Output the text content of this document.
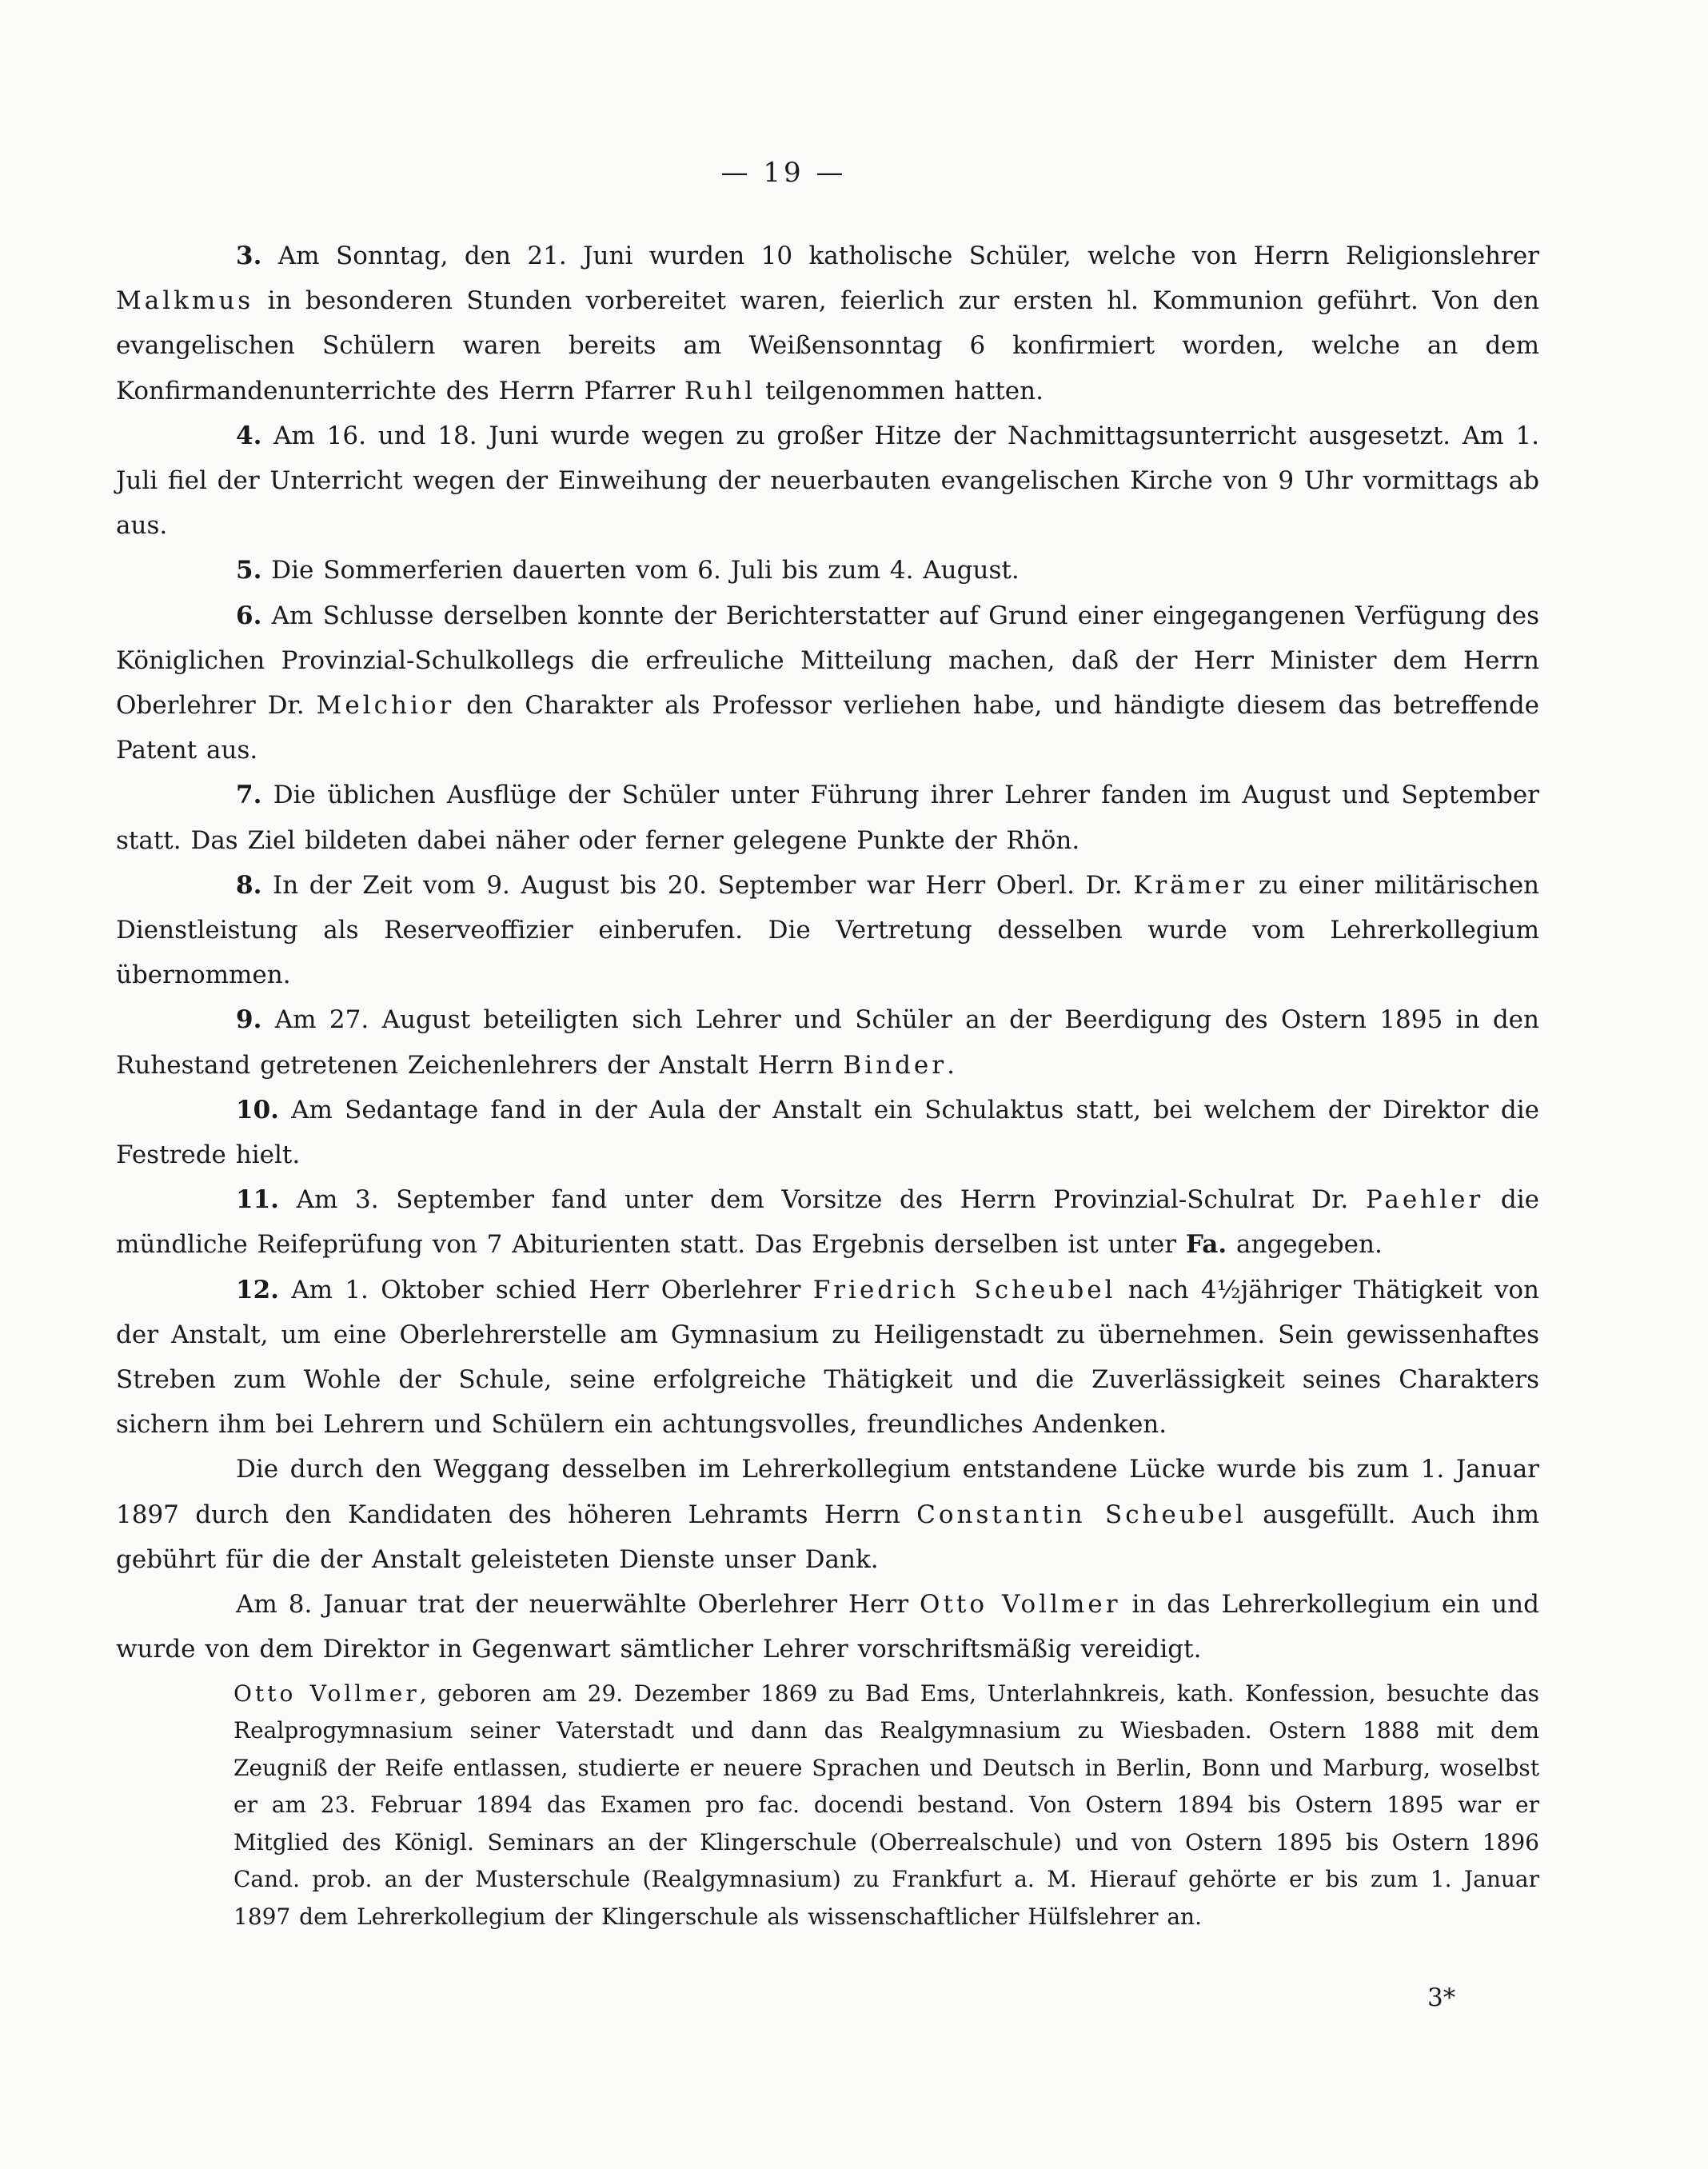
— 19 —

3. Am Sonntag, den 21. Juni wurden 10 katholische Schüler, welche von Herrn Religionslehrer Malkmus in besonderen Stunden vorbereitet waren, feierlich zur ersten hl. Kommunion geführt. Von den evangelischen Schülern waren bereits am Weißensonntag 6 konfirmiert worden, welche an dem Konfirmandenunterrichte des Herrn Pfarrer Ruhl teilgenommen hatten.

4. Am 16. und 18. Juni wurde wegen zu großer Hitze der Nachmittagsunterricht ausgesetzt. Am 1. Juli fiel der Unterricht wegen der Einweihung der neuerbauten evangelischen Kirche von 9 Uhr vormittags ab aus.

5. Die Sommerferien dauerten vom 6. Juli bis zum 4. August.

6. Am Schlusse derselben konnte der Berichterstatter auf Grund einer eingegangenen Verfügung des Königlichen Provinzial-Schulkollegs die erfreuliche Mitteilung machen, daß der Herr Minister dem Herrn Oberlehrer Dr. Melchior den Charakter als Professor verliehen habe, und händigte diesem das betreffende Patent aus.

7. Die üblichen Ausflüge der Schüler unter Führung ihrer Lehrer fanden im August und September statt. Das Ziel bildeten dabei näher oder ferner gelegene Punkte der Rhön.

8. In der Zeit vom 9. August bis 20. September war Herr Oberl. Dr. Krämer zu einer militärischen Dienstleistung als Reserveoffizier einberufen. Die Vertretung desselben wurde vom Lehrerkollegium übernommen.

9. Am 27. August beteiligten sich Lehrer und Schüler an der Beerdigung des Ostern 1895 in den Ruhestand getretenen Zeichenlehrers der Anstalt Herrn Binder.

10. Am Sedantage fand in der Aula der Anstalt ein Schulaktus statt, bei welchem der Direktor die Festrede hielt.

11. Am 3. September fand unter dem Vorsitze des Herrn Provinzial-Schulrat Dr. Paehler die mündliche Reifeprüfung von 7 Abiturienten statt. Das Ergebnis derselben ist unter Fa. angegeben.

12. Am 1. Oktober schied Herr Oberlehrer Friedrich Scheubel nach 4½jähriger Thätigkeit von der Anstalt, um eine Oberlehrerstelle am Gymnasium zu Heiligenstadt zu übernehmen. Sein gewissenhaftes Streben zum Wohle der Schule, seine erfolgreiche Thätigkeit und die Zuverlässigkeit seines Charakters sichern ihm bei Lehrern und Schülern ein achtungsvolles, freundliches Andenken.

Die durch den Weggang desselben im Lehrerkollegium entstandene Lücke wurde bis zum 1. Januar 1897 durch den Kandidaten des höheren Lehramts Herrn Constantin Scheubel ausgefüllt. Auch ihm gebührt für die der Anstalt geleisteten Dienste unser Dank.

Am 8. Januar trat der neuerwählte Oberlehrer Herr Otto Vollmer in das Lehrerkollegium ein und wurde von dem Direktor in Gegenwart sämtlicher Lehrer vorschriftsmäßig vereidigt.

Otto Vollmer, geboren am 29. Dezember 1869 zu Bad Ems, Unterlahnkreis, kath. Konfession, besuchte das Realprogymnasium seiner Vaterstadt und dann das Realgymnasium zu Wiesbaden. Ostern 1888 mit dem Zeugniß der Reife entlassen, studierte er neuere Sprachen und Deutsch in Berlin, Bonn und Marburg, woselbst er am 23. Februar 1894 das Examen pro fac. docendi bestand. Von Ostern 1894 bis Ostern 1895 war er Mitglied des Königl. Seminars an der Klingerschule (Oberrealschule) und von Ostern 1895 bis Ostern 1896 Cand. prob. an der Musterschule (Realgymnasium) zu Frankfurt a. M. Hierauf gehörte er bis zum 1. Januar 1897 dem Lehrerkollegium der Klingerschule als wissenschaftlicher Hülfslehrer an.

3*
